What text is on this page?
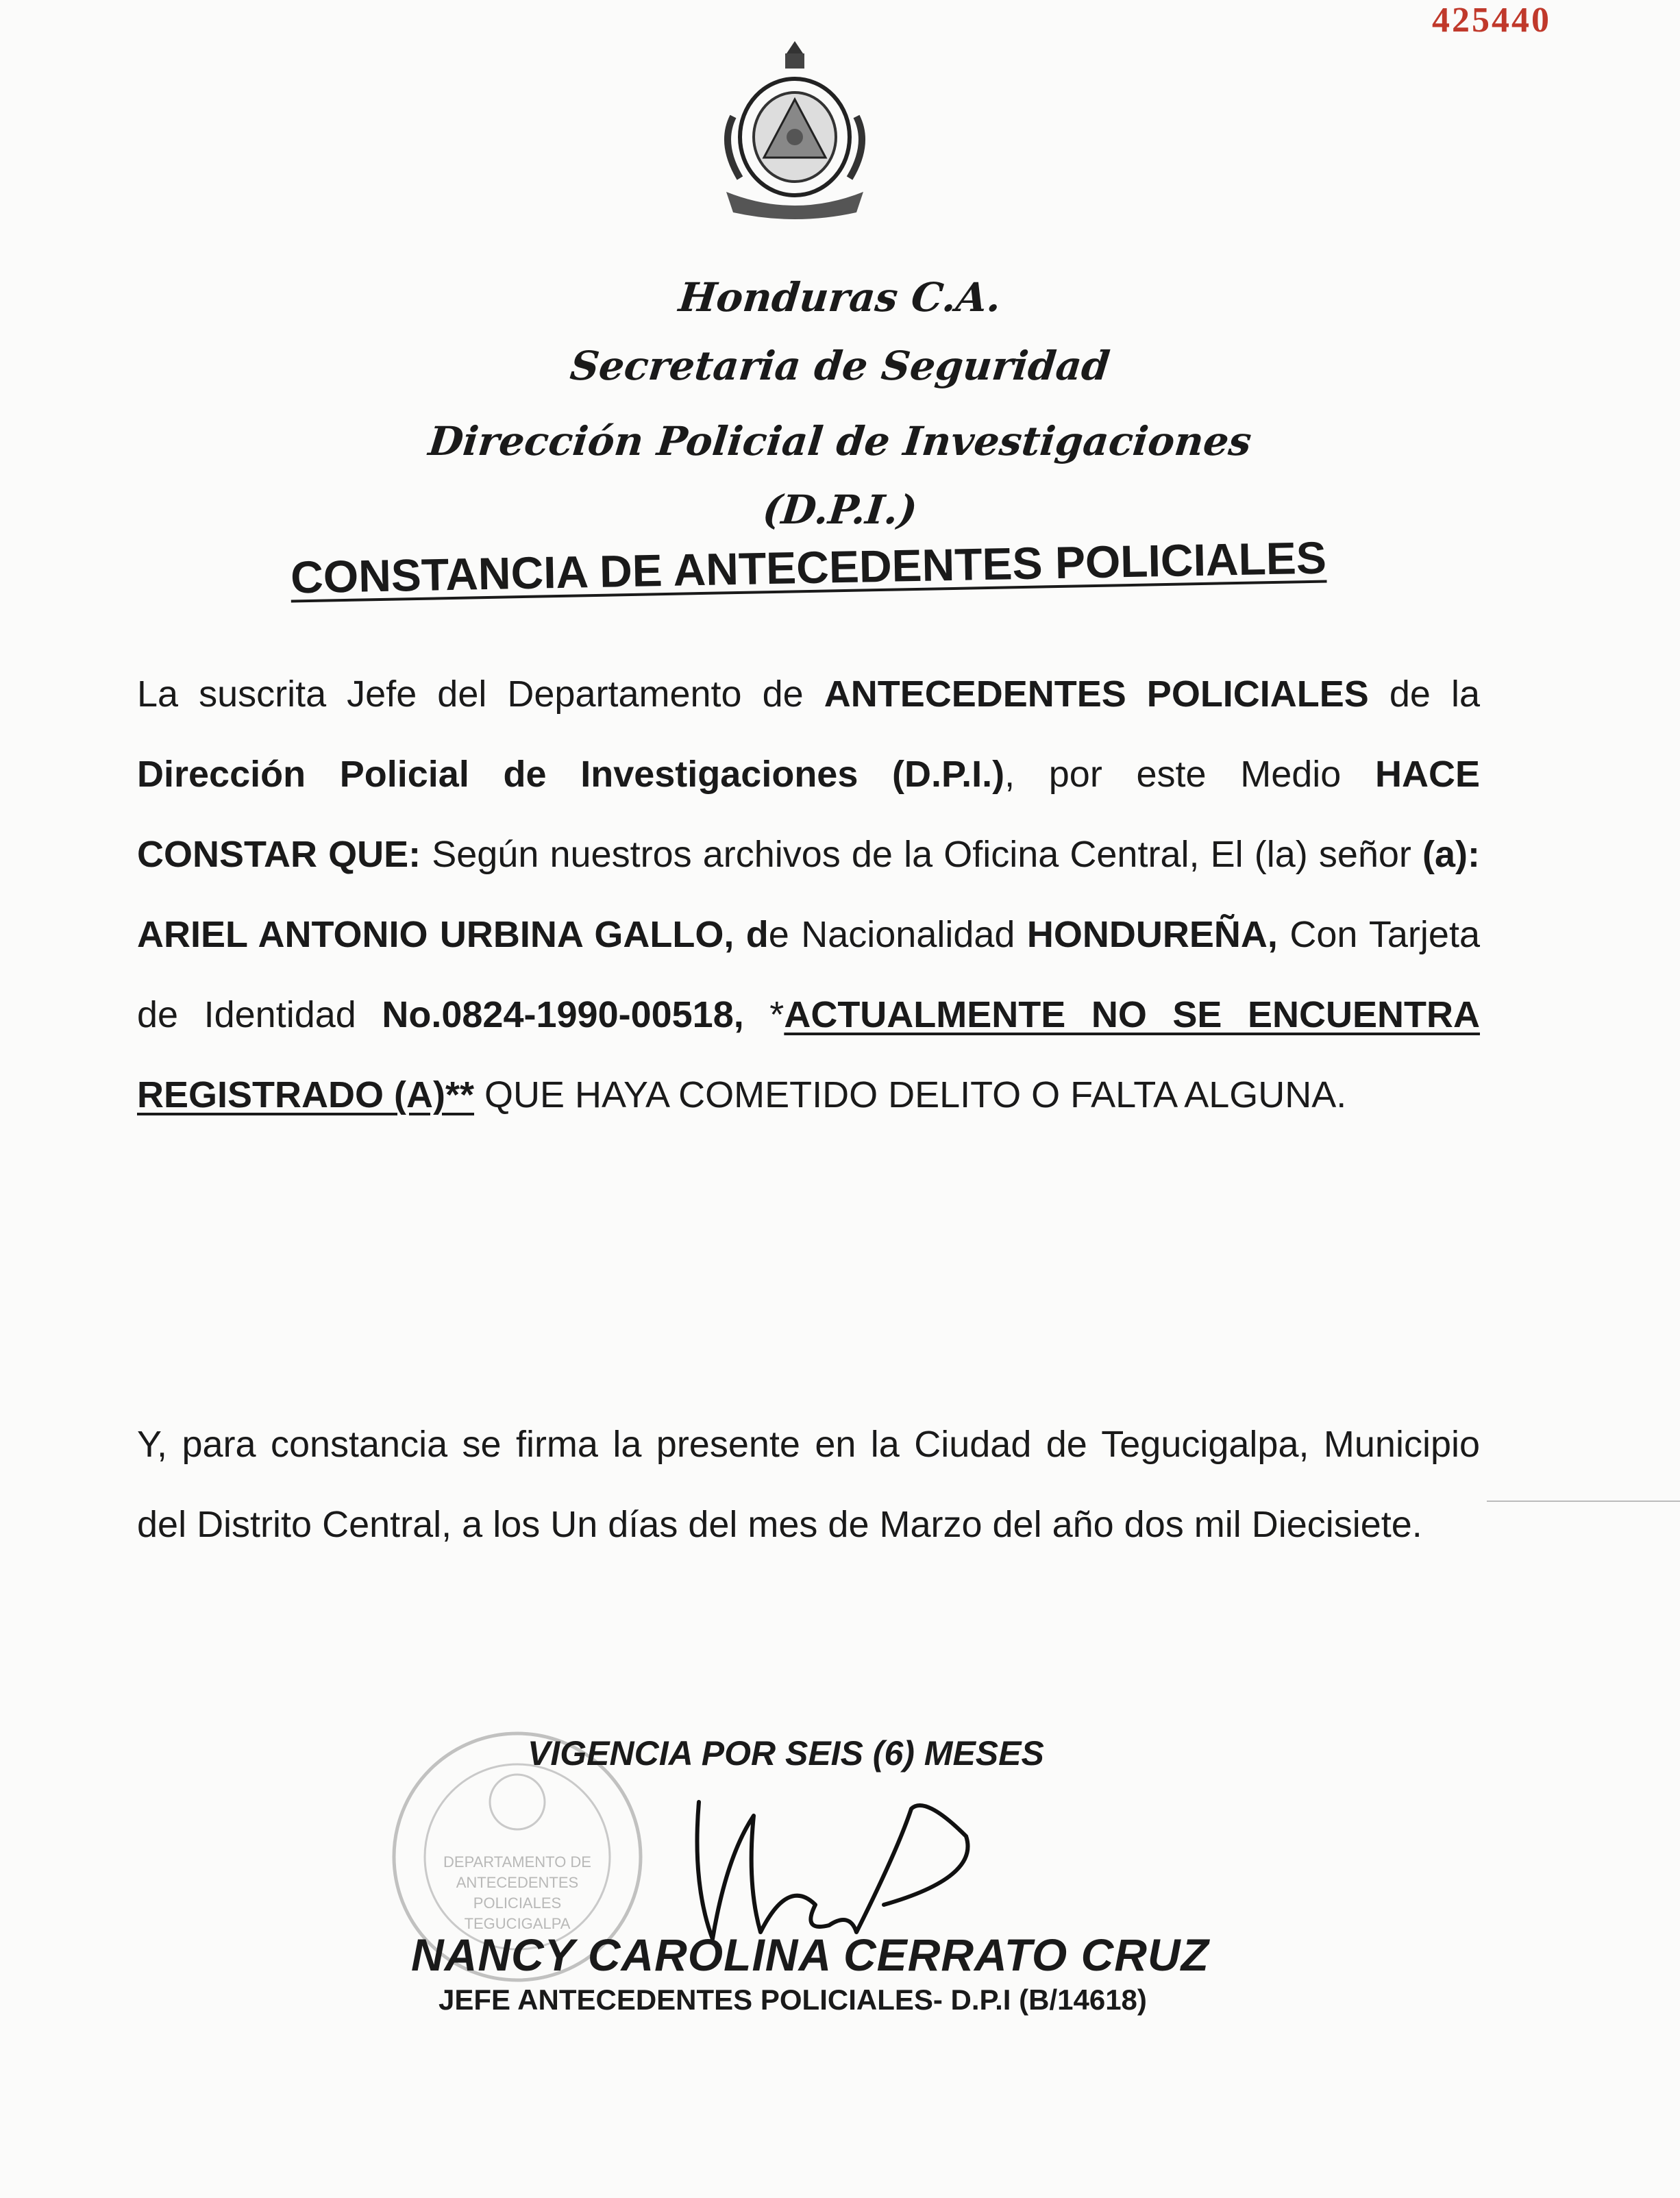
425440
Honduras C.A.
Secretaria de Seguridad
Dirección Policial de Investigaciones
(D.P.I.)
CONSTANCIA DE ANTECEDENTES POLICIALES
La suscrita Jefe del Departamento de ANTECEDENTES POLICIALES de la Dirección Policial de Investigaciones (D.P.I.), por este Medio HACE CONSTAR QUE: Según nuestros archivos de la Oficina Central, El (la) señor (a): ARIEL ANTONIO URBINA GALLO, de Nacionalidad HONDUREÑA, Con Tarjeta de Identidad No.0824-1990-00518, *ACTUALMENTE NO SE ENCUENTRA REGISTRADO (A)** QUE HAYA COMETIDO DELITO O FALTA ALGUNA.
Y, para constancia se firma la presente en la Ciudad de Tegucigalpa, Municipio del Distrito Central, a los Un días del mes de Marzo del año dos mil Diecisiete.
DEPARTAMENTO DE
ANTECEDENTES
POLICIALES
TEGUCIGALPA
VIGENCIA POR SEIS (6) MESES
NANCY CAROLINA CERRATO CRUZ
JEFE ANTECEDENTES POLICIALES- D.P.I (B/14618)
